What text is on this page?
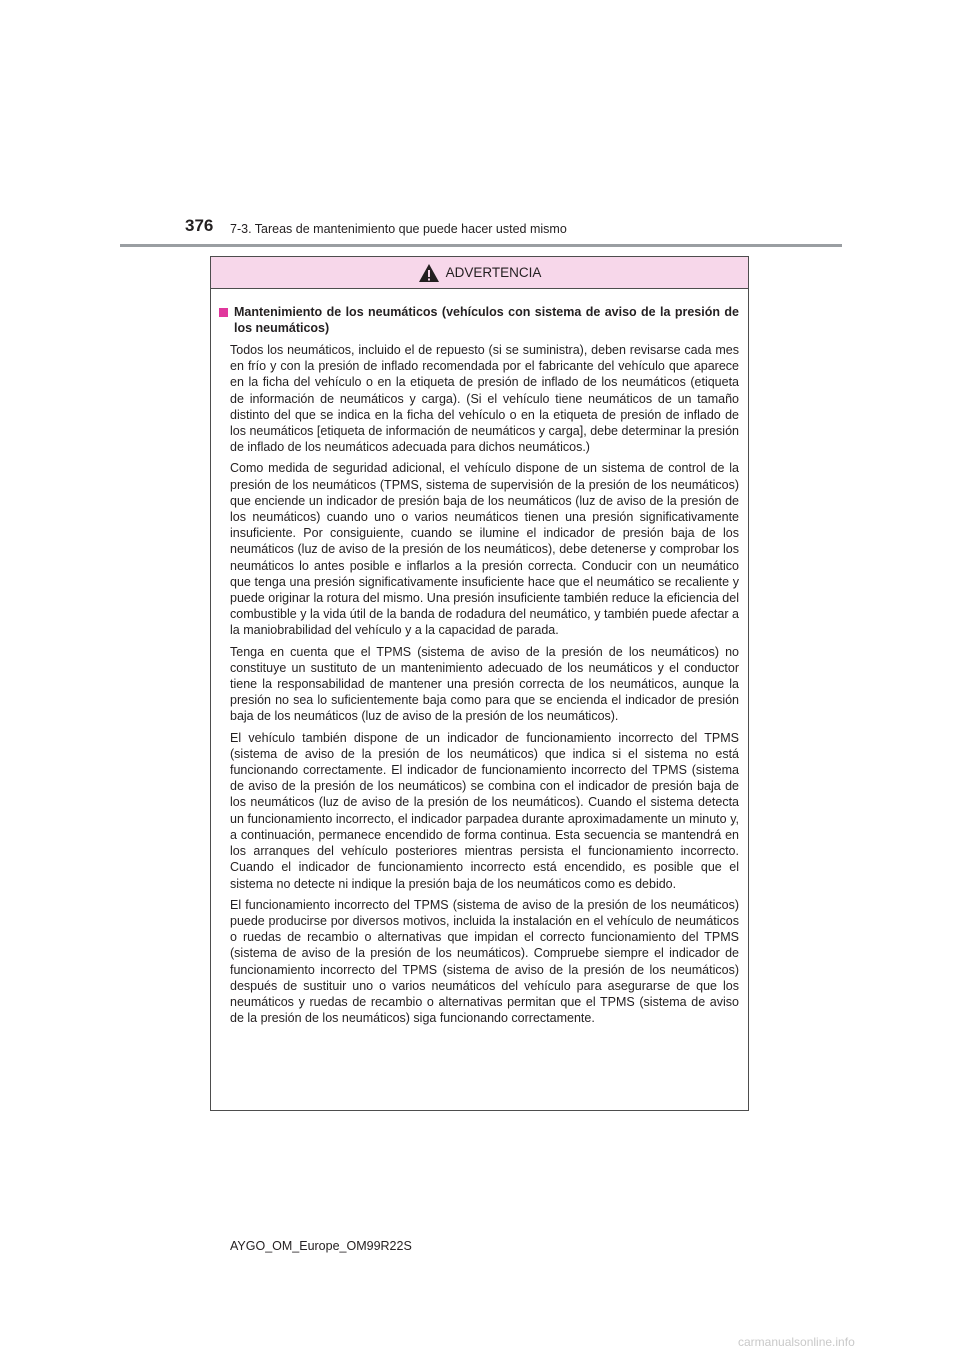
376 7-3. Tareas de mantenimiento que puede hacer usted mismo
ADVERTENCIA
Mantenimiento de los neumáticos (vehículos con sistema de aviso de la presión de los neumáticos)

Todos los neumáticos, incluido el de repuesto (si se suministra), deben revisarse cada mes en frío y con la presión de inflado recomendada por el fabricante del vehículo que aparece en la ficha del vehículo o en la etiqueta de presión de inflado de los neumáticos (etiqueta de información de neumáticos y carga). (Si el vehículo tiene neumáticos de un tamaño distinto del que se indica en la ficha del vehículo o en la etiqueta de presión de inflado de los neumáticos [etiqueta de información de neumáticos y carga], debe determinar la presión de inflado de los neumáticos adecuada para dichos neumáticos.)

Como medida de seguridad adicional, el vehículo dispone de un sistema de control de la presión de los neumáticos (TPMS, sistema de supervisión de la presión de los neumáticos) que enciende un indicador de presión baja de los neumáticos (luz de aviso de la presión de los neumáticos) cuando uno o varios neumáticos tienen una presión significativamente insuficiente. Por consiguiente, cuando se ilumine el indicador de presión baja de los neumáticos (luz de aviso de la presión de los neumáticos), debe detenerse y comprobar los neumáticos lo antes posible e inflarlos a la presión correcta. Conducir con un neumático que tenga una presión significativamente insuficiente hace que el neumático se recaliente y puede originar la rotura del mismo. Una presión insuficiente también reduce la eficiencia del combustible y la vida útil de la banda de rodadura del neumático, y también puede afectar a la maniobrabilidad del vehículo y a la capacidad de parada.

Tenga en cuenta que el TPMS (sistema de aviso de la presión de los neumáticos) no constituye un sustituto de un mantenimiento adecuado de los neumáticos y el conductor tiene la responsabilidad de mantener una presión correcta de los neumáticos, aunque la presión no sea lo suficientemente baja como para que se encienda el indicador de presión baja de los neumáticos (luz de aviso de la presión de los neumáticos).

El vehículo también dispone de un indicador de funcionamiento incorrecto del TPMS (sistema de aviso de la presión de los neumáticos) que indica si el sistema no está funcionando correctamente. El indicador de funcionamiento incorrecto del TPMS (sistema de aviso de la presión de los neumáticos) se combina con el indicador de presión baja de los neumáticos (luz de aviso de la presión de los neumáticos). Cuando el sistema detecta un funcionamiento incorrecto, el indicador parpadea durante aproximadamente un minuto y, a continuación, permanece encendido de forma continua. Esta secuencia se mantendrá en los arranques del vehículo posteriores mientras persista el funcionamiento incorrecto. Cuando el indicador de funcionamiento incorrecto está encendido, es posible que el sistema no detecte ni indique la presión baja de los neumáticos como es debido.

El funcionamiento incorrecto del TPMS (sistema de aviso de la presión de los neumáticos) puede producirse por diversos motivos, incluida la instalación en el vehículo de neumáticos o ruedas de recambio o alternativas que impidan el correcto funcionamiento del TPMS (sistema de aviso de la presión de los neumáticos). Compruebe siempre el indicador de funcionamiento incorrecto del TPMS (sistema de aviso de la presión de los neumáticos) después de sustituir uno o varios neumáticos del vehículo para asegurarse de que los neumáticos y ruedas de recambio o alternativas permitan que el TPMS (sistema de aviso de la presión de los neumáticos) siga funcionando correctamente.

AYGO_OM_Europe_OM99R22S
carmanualsonline.info
